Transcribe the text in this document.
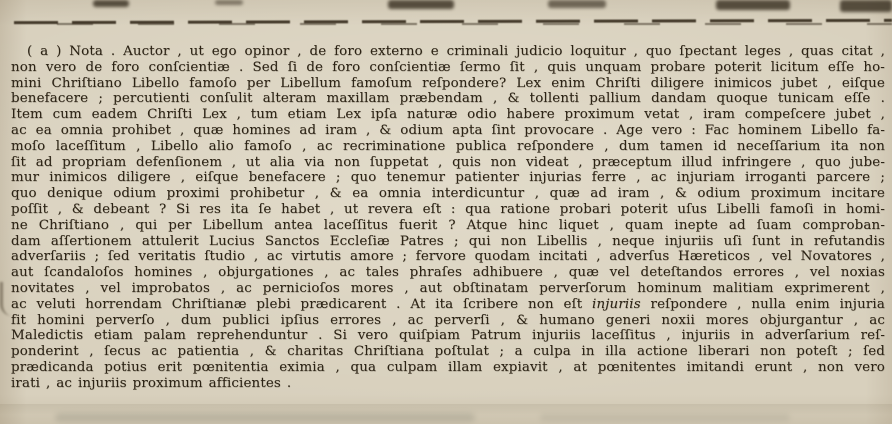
( a ) Nota . Auctor , ut ego opinor , de foro externo e criminali judicio loquitur , quo ſpectant leges , quas citat ,
non vero de foro conſcientiæ . Sed ſi de foro conſcientiæ ſermo ſit , quis unquam probare poterit licitum eſſe ho-
mini Chriſtiano Libello famoſo per Libellum famoſum reſpondere? Lex enim Chriſti diligere inimicos jubet , eiſque
benefacere ; percutienti conſulit alteram maxillam præbendam , & tollenti pallium dandam quoque tunicam eſſe .
Item cum eadem Chriſti Lex , tum etiam Lex ipſa naturæ odio habere proximum vetat , iram compeſcere jubet ,
ac ea omnia prohibet , quæ homines ad iram , & odium apta ſint provocare . Age vero : Fac hominem Libello fa-
moſo laceſſitum , Libello alio famoſo , ac recriminatione publica reſpondere , dum tamen id neceſſarium ita non
ſit ad propriam defenſionem , ut alia via non ſuppetat , quis non videat , præceptum illud infringere , quo jube-
mur inimicos diligere , eiſque benefacere ; quo tenemur patienter injurias ferre , ac injuriam irroganti parcere ;
quo denique odium proximi prohibetur , & ea omnia interdicuntur , quæ ad iram , & odium proximum incitare
poſſit , & debeant ? Si res ita ſe habet , ut revera eſt : qua ratione probari poterit uſus Libelli famoſi in homi-
ne Chriſtiano , qui per Libellum antea laceſſitus fuerit ? Atque hinc liquet , quam inepte ad ſuam comproban-
dam aſſertionem attulerit Lucius Sanctos Eccleſiæ Patres ; qui non Libellis , neque injuriis uſi ſunt in refutandis
adverſariis ; ſed veritatis ſtudio , ac virtutis amore ; fervore quodam incitati , adverſus Hæreticos , vel Novatores ,
aut ſcandaloſos homines , objurgationes , ac tales phraſes adhibuere , quæ vel deteſtandos errores , vel noxias
novitates , vel improbatos , ac pernicioſos mores , aut obſtinatam perverſorum hominum malitiam exprimerent ,
ac veluti horrendam Chriſtianæ plebi prædicarent . At ita ſcribere non eſt injuriis reſpondere , nulla enim injuria
fit homini perverſo , dum publici ipſius errores , ac perverſi , & humano generi noxii mores objurgantur , ac
Maledictis etiam palam reprehenduntur . Si vero quiſpiam Patrum injuriis laceſſitus , injuriis in adverſarium reſ-
ponderint , ſecus ac patientia , & charitas Chriſtiana poſtulat ; a culpa in illa actione liberari non poteſt ; ſed
prædicanda potius erit pœnitentia eximia , qua culpam illam expiavit , at pœnitentes imitandi erunt , non vero
irati , ac injuriis proximum afficientes .
